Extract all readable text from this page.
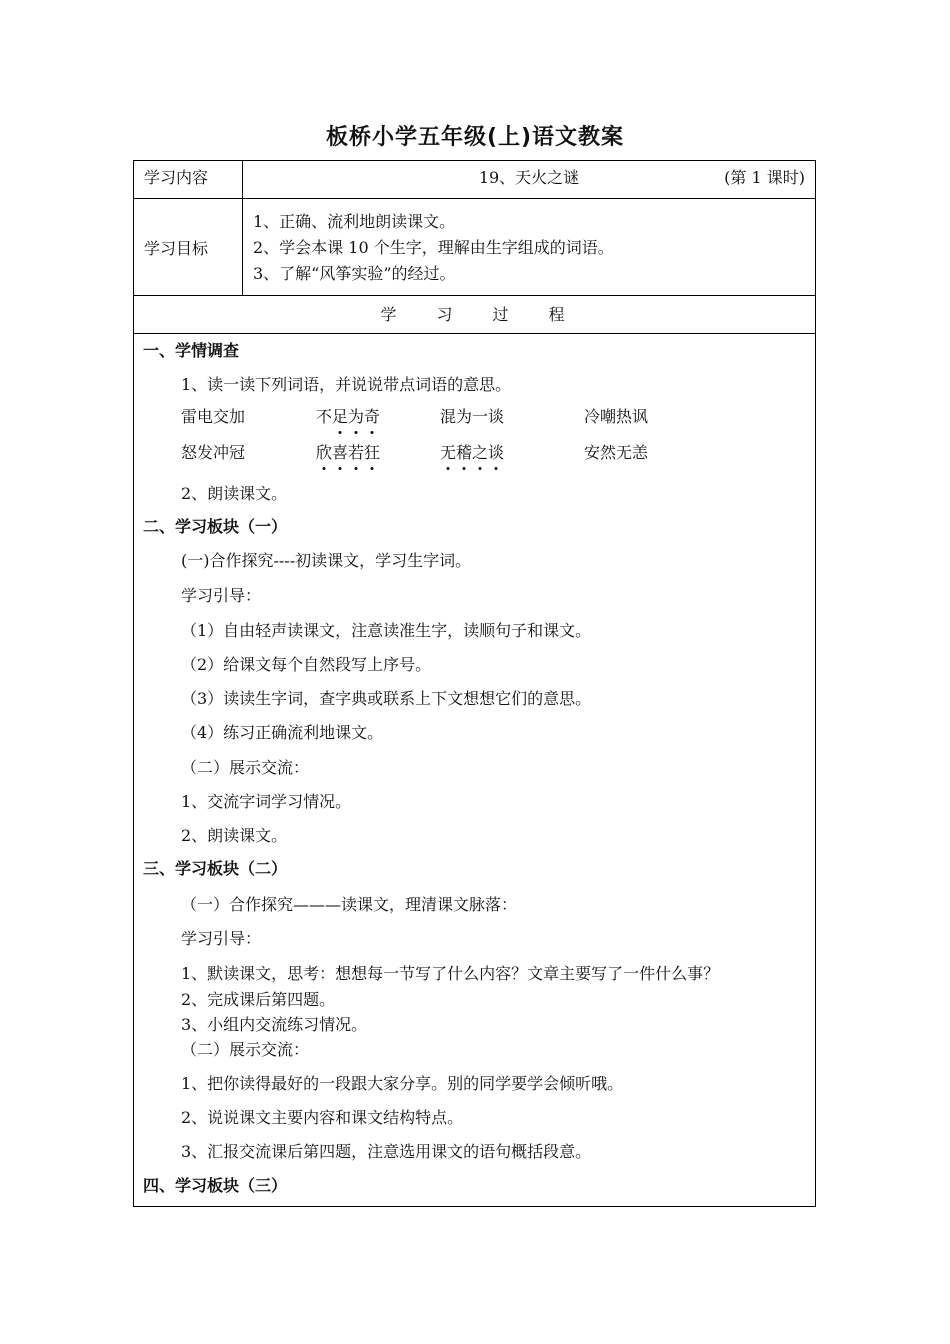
板桥小学五年级(上)语文教案
学习内容	19、天火之谜	(第 1 课时)
学习目标
1、正确、流利地朗读课文。
2、学会本课 10 个生字，理解由生字组成的词语。
3、了解“风筝实验”的经过。
学 习 过 程
一、学情调查
1、读一读下列词语，并说说带点词语的意思。
雷电交加	不足为奇	混为一谈	冷嘲热讽
怒发冲冠	欣喜若狂	无稽之谈	安然无恙
2、朗读课文。
二、学习板块（一）
(一)合作探究----初读课文，学习生字词。
学习引导：
（1）自由轻声读课文，注意读准生字，读顺句子和课文。
（2）给课文每个自然段写上序号。
（3）读读生字词，查字典或联系上下文想想它们的意思。
（4）练习正确流利地课文。
（二）展示交流：
1、交流字词学习情况。
2、朗读课文。
三、学习板块（二）
（一）合作探究———读课文，理清课文脉落：
学习引导：
1、默读课文，思考：想想每一节写了什么内容？文章主要写了一件什么事？
2、完成课后第四题。
3、小组内交流练习情况。
（二）展示交流：
1、把你读得最好的一段跟大家分享。别的同学要学会倾听哦。
2、说说课文主要内容和课文结构特点。
3、汇报交流课后第四题，注意选用课文的语句概括段意。
四、学习板块（三）
